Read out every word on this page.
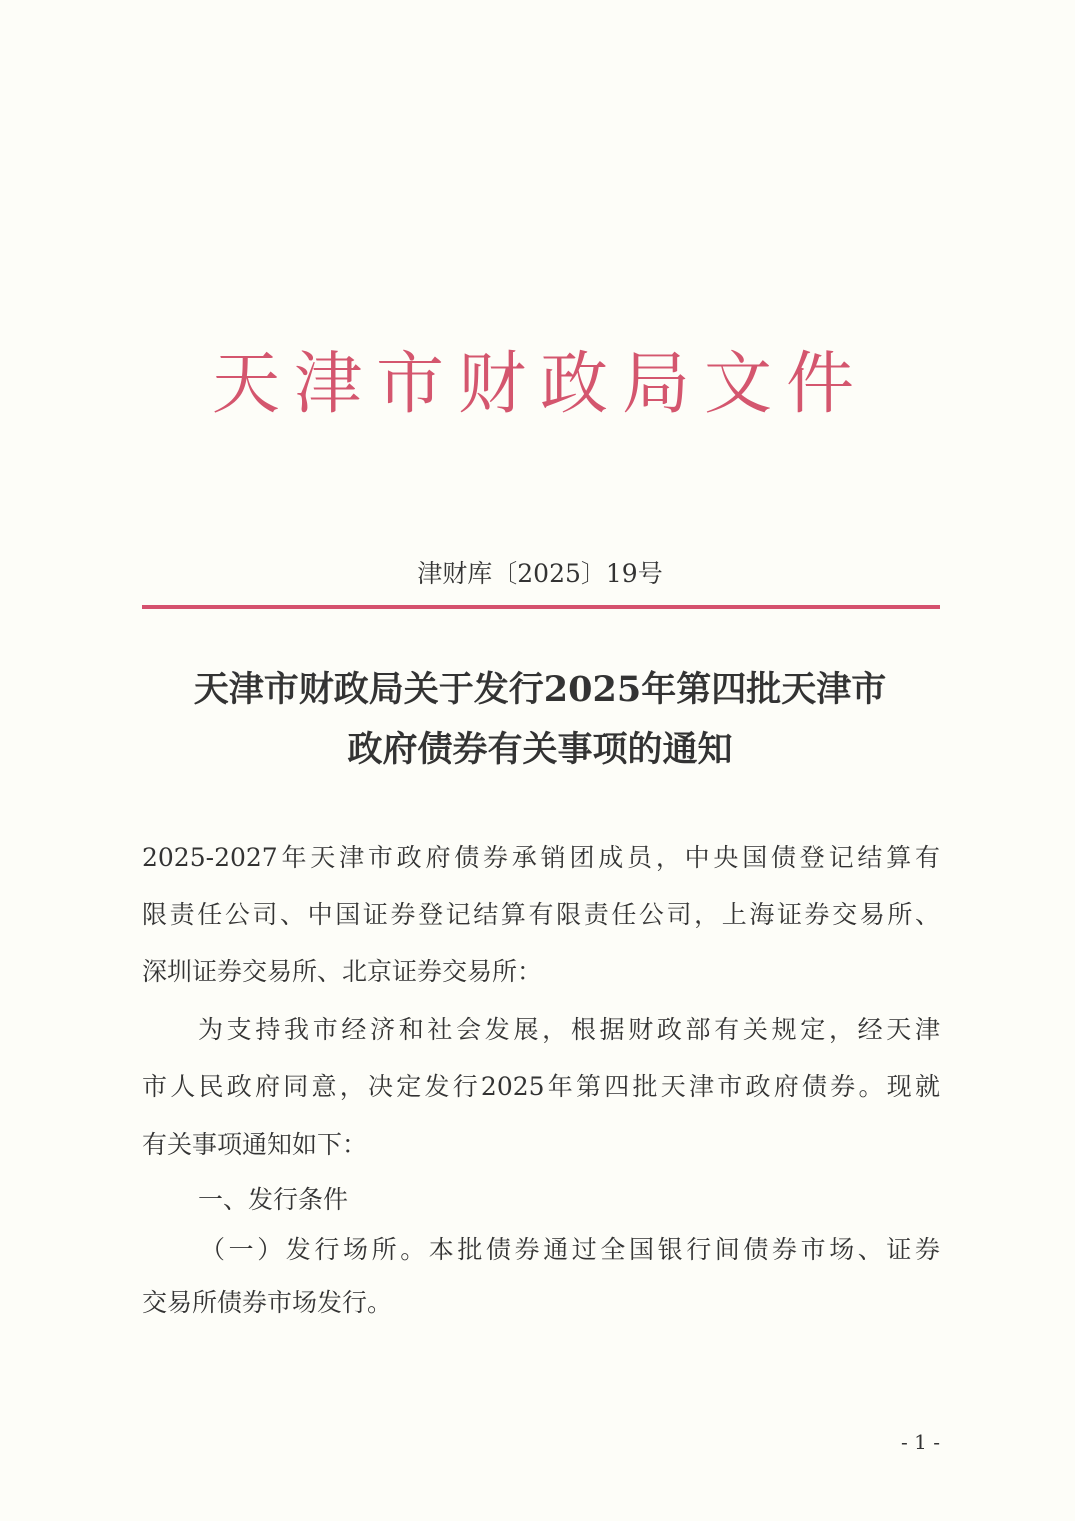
天津市财政局文件
津财库〔2025〕19号
天津市财政局关于发行2025年第四批天津市
政府债券有关事项的通知
2025-2027年天津市政府债券承销团成员，中央国债登记结算有
限责任公司、中国证券登记结算有限责任公司，上海证券交易所、
深圳证券交易所、北京证券交易所：
为支持我市经济和社会发展，根据财政部有关规定，经天津
市人民政府同意，决定发行2025年第四批天津市政府债券。现就
有关事项通知如下：
一、发行条件
（一）发行场所。本批债券通过全国银行间债券市场、证券
交易所债券市场发行。
- 1 -
